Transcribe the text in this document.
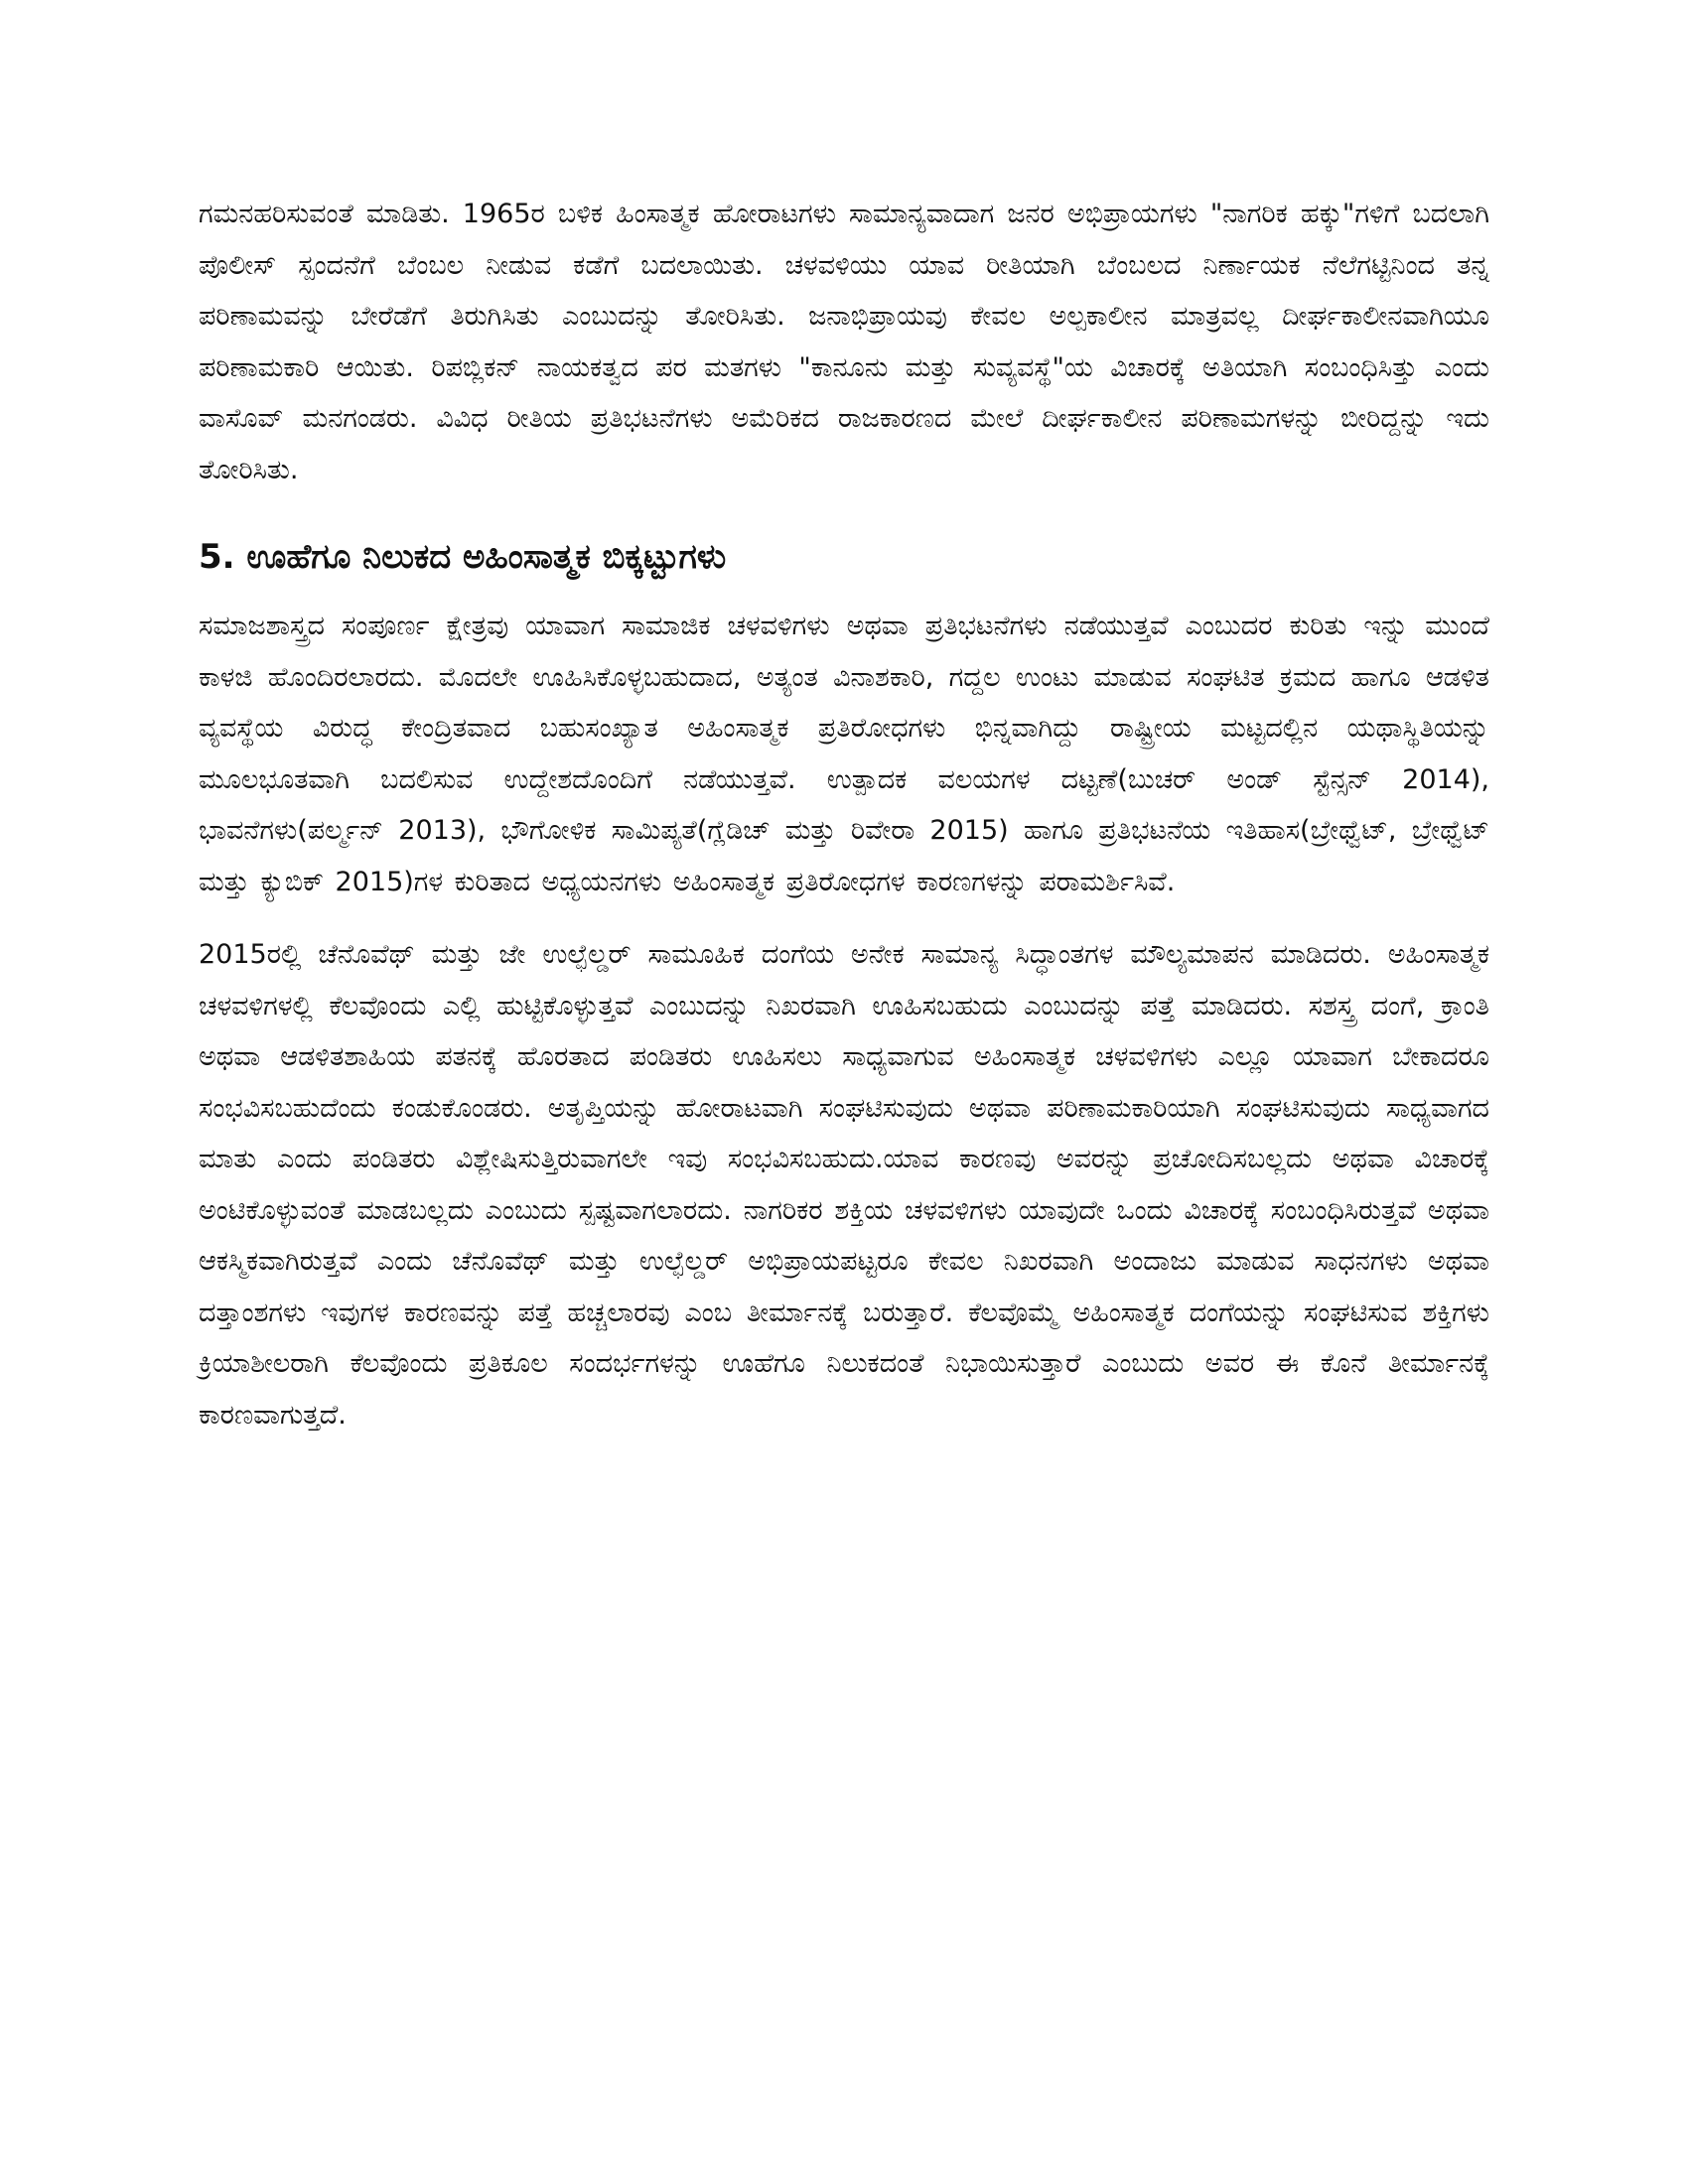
ಗಮನಹರಿಸುವಂತೆ ಮಾಡಿತು. 1965ರ ಬಳಿಕ ಹಿಂಸಾತ್ಮಕ ಹೋರಾಟಗಳು ಸಾಮಾನ್ಯವಾದಾಗ ಜನರ ಅಭಿಪ್ರಾಯಗಳು "ನಾಗರಿಕ ಹಕ್ಕು"ಗಳಿಗೆ ಬದಲಾಗಿ ಪೊಲೀಸ್ ಸ್ಪಂದನೆಗೆ ಬೆಂಬಲ ನೀಡುವ ಕಡೆಗೆ ಬದಲಾಯಿತು. ಚಳವಳಿಯು ಯಾವ ರೀತಿಯಾಗಿ ಬೆಂಬಲದ ನಿರ್ಣಾಯಕ ನೆಲೆಗಟ್ಟಿನಿಂದ ತನ್ನ ಪರಿಣಾಮವನ್ನು ಬೇರೆಡೆಗೆ ತಿರುಗಿಸಿತು ಎಂಬುದನ್ನು ತೋರಿಸಿತು. ಜನಾಭಿಪ್ರಾಯವು ಕೇವಲ ಅಲ್ಪಕಾಲೀನ ಮಾತ್ರವಲ್ಲ ದೀರ್ಘಕಾಲೀನವಾಗಿಯೂ ಪರಿಣಾಮಕಾರಿ ಆಯಿತು. ರಿಪಬ್ಲಿಕನ್ ನಾಯಕತ್ವದ ಪರ ಮತಗಳು "ಕಾನೂನು ಮತ್ತು ಸುವ್ಯವಸ್ಥೆ"ಯ ವಿಚಾರಕ್ಕೆ ಅತಿಯಾಗಿ ಸಂಬಂಧಿಸಿತ್ತು ಎಂದು ವಾಸೊವ್ ಮನಗಂಡರು. ವಿವಿಧ ರೀತಿಯ ಪ್ರತಿಭಟನೆಗಳು ಅಮೆರಿಕದ ರಾಜಕಾರಣದ ಮೇಲೆ ದೀರ್ಘಕಾಲೀನ ಪರಿಣಾಮಗಳನ್ನು ಬೀರಿದ್ದನ್ನು ಇದು ತೋರಿಸಿತು.

5. ಊಹೆಗೂ ನಿಲುಕದ ಅಹಿಂಸಾತ್ಮಕ ಬಿಕ್ಕಟ್ಟುಗಳು

ಸಮಾಜಶಾಸ್ತ್ರದ ಸಂಪೂರ್ಣ ಕ್ಷೇತ್ರವು ಯಾವಾಗ ಸಾಮಾಜಿಕ ಚಳವಳಿಗಳು ಅಥವಾ ಪ್ರತಿಭಟನೆಗಳು ನಡೆಯುತ್ತವೆ ಎಂಬುದರ ಕುರಿತು ಇನ್ನು ಮುಂದೆ ಕಾಳಜಿ ಹೊಂದಿರಲಾರದು. ಮೊದಲೇ ಊಹಿಸಿಕೊಳ್ಳಬಹುದಾದ, ಅತ್ಯಂತ ವಿನಾಶಕಾರಿ, ಗದ್ದಲ ಉಂಟು ಮಾಡುವ ಸಂಘಟಿತ ಕ್ರಮದ ಹಾಗೂ ಆಡಳಿತ ವ್ಯವಸ್ಥೆಯ ವಿರುದ್ಧ ಕೇಂದ್ರಿತವಾದ ಬಹುಸಂಖ್ಯಾತ ಅಹಿಂಸಾತ್ಮಕ ಪ್ರತಿರೋಧಗಳು ಭಿನ್ನವಾಗಿದ್ದು ರಾಷ್ಟ್ರೀಯ ಮಟ್ಟದಲ್ಲಿನ ಯಥಾಸ್ಥಿತಿಯನ್ನು ಮೂಲಭೂತವಾಗಿ ಬದಲಿಸುವ ಉದ್ದೇಶದೊಂದಿಗೆ ನಡೆಯುತ್ತವೆ. ಉತ್ಪಾದಕ ವಲಯಗಳ ದಟ್ಟಣೆ(ಬುಚರ್ ಅಂಡ್ ಸ್ಟೆನ್ಸನ್ 2014), ಭಾವನೆಗಳು(ಪರ್ಲ್ಮನ್ 2013), ಭೌಗೋಳಿಕ ಸಾಮಿಪ್ಯತೆ(ಗ್ಲೆಡಿಚ್ ಮತ್ತು ರಿವೇರಾ 2015) ಹಾಗೂ ಪ್ರತಿಭಟನೆಯ ಇತಿಹಾಸ(ಬ್ರೇಥ್ವೆಟ್, ಬ್ರೇಥ್ವೆಟ್ ಮತ್ತು ಕ್ಯುಬಿಕ್ 2015)ಗಳ ಕುರಿತಾದ ಅಧ್ಯಯನಗಳು ಅಹಿಂಸಾತ್ಮಕ ಪ್ರತಿರೋಧಗಳ ಕಾರಣಗಳನ್ನು ಪರಾಮರ್ಶಿಸಿವೆ.

2015ರಲ್ಲಿ ಚೆನೊವೆಥ್ ಮತ್ತು ಜೇ ಉಲ್ಫೆಲ್ಡರ್ ಸಾಮೂಹಿಕ ದಂಗೆಯ ಅನೇಕ ಸಾಮಾನ್ಯ ಸಿದ್ಧಾಂತಗಳ ಮೌಲ್ಯಮಾಪನ ಮಾಡಿದರು. ಅಹಿಂಸಾತ್ಮಕ ಚಳವಳಿಗಳಲ್ಲಿ ಕೆಲವೊಂದು ಎಲ್ಲಿ ಹುಟ್ಟಿಕೊಳ್ಳುತ್ತವೆ ಎಂಬುದನ್ನು ನಿಖರವಾಗಿ ಊಹಿಸಬಹುದು ಎಂಬುದನ್ನು ಪತ್ತೆ ಮಾಡಿದರು. ಸಶಸ್ತ್ರ ದಂಗೆ, ಕ್ರಾಂತಿ ಅಥವಾ ಆಡಳಿತಶಾಹಿಯ ಪತನಕ್ಕೆ ಹೊರತಾದ ಪಂಡಿತರು ಊಹಿಸಲು ಸಾಧ್ಯವಾಗುವ ಅಹಿಂಸಾತ್ಮಕ ಚಳವಳಿಗಳು ಎಲ್ಲೂ ಯಾವಾಗ ಬೇಕಾದರೂ ಸಂಭವಿಸಬಹುದೆಂದು ಕಂಡುಕೊಂಡರು. ಅತೃಪ್ತಿಯನ್ನು ಹೋರಾಟವಾಗಿ ಸಂಘಟಿಸುವುದು ಅಥವಾ ಪರಿಣಾಮಕಾರಿಯಾಗಿ ಸಂಘಟಿಸುವುದು ಸಾಧ್ಯವಾಗದ ಮಾತು ಎಂದು ಪಂಡಿತರು ವಿಶ್ಲೇಷಿಸುತ್ತಿರುವಾಗಲೇ ಇವು ಸಂಭವಿಸಬಹುದು.ಯಾವ ಕಾರಣವು ಅವರನ್ನು ಪ್ರಚೋದಿಸಬಲ್ಲದು ಅಥವಾ ವಿಚಾರಕ್ಕೆ ಅಂಟಿಕೊಳ್ಳುವಂತೆ ಮಾಡಬಲ್ಲದು ಎಂಬುದು ಸ್ಪಷ್ಟವಾಗಲಾರದು. ನಾಗರಿಕರ ಶಕ್ತಿಯ ಚಳವಳಿಗಳು ಯಾವುದೇ ಒಂದು ವಿಚಾರಕ್ಕೆ ಸಂಬಂಧಿಸಿರುತ್ತವೆ ಅಥವಾ ಆಕಸ್ಮಿಕವಾಗಿರುತ್ತವೆ ಎಂದು ಚೆನೊವೆಥ್ ಮತ್ತು ಉಲ್ಫೆಲ್ಡರ್ ಅಭಿಪ್ರಾಯಪಟ್ಟರೂ ಕೇವಲ ನಿಖರವಾಗಿ ಅಂದಾಜು ಮಾಡುವ ಸಾಧನಗಳು ಅಥವಾ ದತ್ತಾಂಶಗಳು ಇವುಗಳ ಕಾರಣವನ್ನು ಪತ್ತೆ ಹಚ್ಚಲಾರವು ಎಂಬ ತೀರ್ಮಾನಕ್ಕೆ ಬರುತ್ತಾರೆ. ಕೆಲವೊಮ್ಮೆ ಅಹಿಂಸಾತ್ಮಕ ದಂಗೆಯನ್ನು ಸಂಘಟಿಸುವ ಶಕ್ತಿಗಳು ಕ್ರಿಯಾಶೀಲರಾಗಿ ಕೆಲವೊಂದು ಪ್ರತಿಕೂಲ ಸಂದರ್ಭಗಳನ್ನು ಊಹೆಗೂ ನಿಲುಕದಂತೆ ನಿಭಾಯಿಸುತ್ತಾರೆ ಎಂಬುದು ಅವರ ಈ ಕೊನೆ ತೀರ್ಮಾನಕ್ಕೆ ಕಾರಣವಾಗುತ್ತದೆ.
